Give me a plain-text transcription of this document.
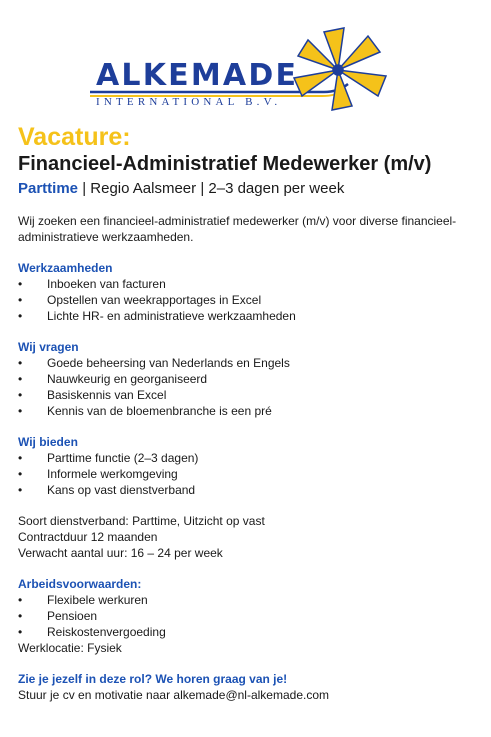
ALKEMADE
INTERNATIONAL B.V.
Vacature:
Financieel-Administratief Medewerker (m/v)
Parttime | Regio Aalsmeer | 2–3 dagen per week

Wij zoeken een financieel-administratief medewerker (m/v) voor diverse financieel-administratieve werkzaamheden.

Werkzaamheden
• Inboeken van facturen
• Opstellen van weekrapportages in Excel
• Lichte HR- en administratieve werkzaamheden
Wij vragen
• Goede beheersing van Nederlands en Engels
• Nauwkeurig en georganiseerd
• Basiskennis van Excel
• Kennis van de bloemenbranche is een pré
Wij bieden
• Parttime functie (2–3 dagen)
• Informele werkomgeving
• Kans op vast dienstverband
Soort dienstverband: Parttime, Uitzicht op vast
Contractduur 12 maanden
Verwacht aantal uur: 16 – 24 per week
Arbeidsvoorwaarden:
• Flexibele werkuren
• Pensioen
• Reiskostenvergoeding
Werklocatie: Fysiek
Zie je jezelf in deze rol? We horen graag van je!
Stuur je cv en motivatie naar alkemade@nl-alkemade.com
